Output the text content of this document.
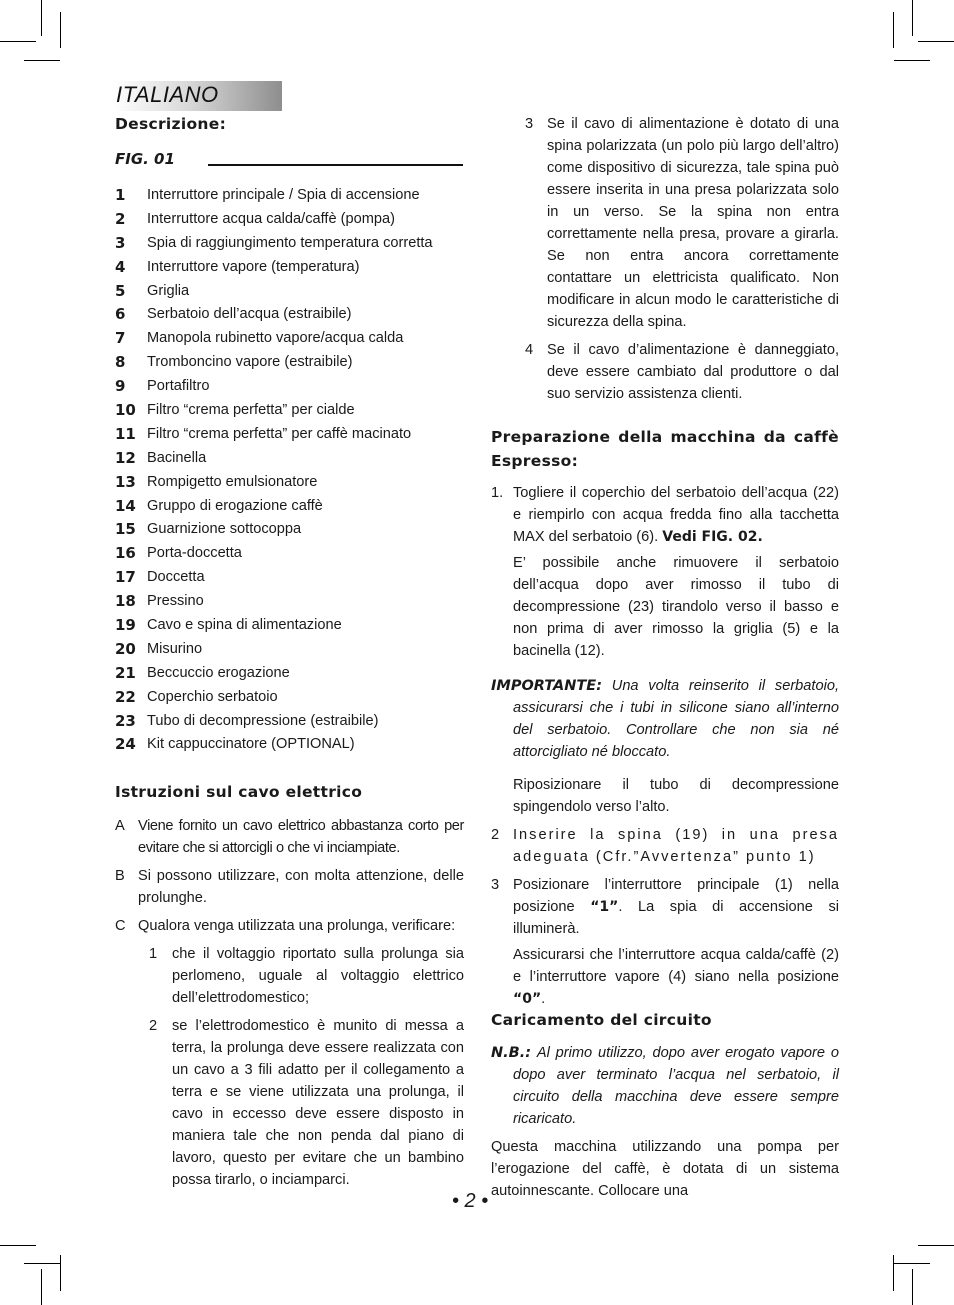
ITALIANO
Descrizione:
FIG. 01
1	Interruttore principale / Spia di accensione
2	Interruttore acqua calda/caffè (pompa)
3	Spia di raggiungimento temperatura corretta
4	Interruttore vapore (temperatura)
5	Griglia
6	Serbatoio dell’acqua (estraibile)
7	Manopola rubinetto vapore/acqua calda
8	Tromboncino vapore (estraibile)
9	Portafiltro
10 Filtro “crema perfetta” per cialde
11 Filtro “crema perfetta” per caffè macinato
12 Bacinella
13 Rompigetto emulsionatore
14 Gruppo di erogazione caffè
15 Guarnizione sottocoppa
16 Porta-doccetta
17 Doccetta
18 Pressino
19 Cavo e spina di alimentazione
20 Misurino
21 Beccuccio erogazione
22 Coperchio serbatoio
23 Tubo di decompressione (estraibile)
24 Kit cappuccinatore (OPTIONAL)
Istruzioni sul cavo elettrico
A Viene fornito un cavo elettrico abbastanza corto per evitare che si attorcigli o che vi inciampiate.
B Si possono utilizzare, con molta attenzione, delle prolunghe.
C Qualora venga utilizzata una prolunga, verificare:
1	che il voltaggio riportato sulla prolunga sia perlomeno, uguale al voltaggio elettrico dell’elettrodomestico;
2	se l’elettrodomestico è munito di messa a terra, la prolunga deve essere realizzata con un cavo a 3 fili adatto per il collegamento a terra e se viene utilizzata una prolunga, il cavo in eccesso deve essere disposto in maniera tale che non penda dal piano di lavoro, questo per evitare che un bambino possa tirarlo, o inciamparci.
3 Se il cavo di alimentazione è dotato di una spina polarizzata (un polo più largo dell’altro) come dispositivo di sicurezza, tale spina può essere inserita in una presa polarizzata solo in un verso. Se la spina non entra correttamente nella presa, provare a girarla. Se non entra ancora correttamente contattare un elettricista qualificato. Non modificare in alcun modo le caratteristiche di sicurezza della spina.
4 Se il cavo d’alimentazione è danneggiato, deve essere cambiato dal produttore o dal suo servizio assistenza clienti.
Preparazione della macchina da caffè Espresso:
1. Togliere il coperchio del serbatoio dell’acqua (22) e riempirlo con acqua fredda fino alla tacchetta MAX del serbatoio (6). Vedi FIG. 02.
E’ possibile anche rimuovere il serbatoio dell’acqua dopo aver rimosso il tubo di decompressione (23) tirandolo verso il basso e non prima di aver rimosso la griglia (5) e la bacinella (12).
IMPORTANTE: Una volta reinserito il serbatoio, assicurarsi che i tubi in silicone siano all’interno del serbatoio. Controllare che non sia né attorcigliato né bloccato.
Riposizionare il tubo di decompressione spingendolo verso l’alto.
2 Inserire la spina (19) in una presa adeguata (Cfr.”Avvertenza” punto 1)
3 Posizionare l’interruttore principale (1) nella posizione “1”. La spia di accensione si illuminerà.
Assicurarsi che l’interruttore acqua calda/caffè (2) e l’interruttore vapore (4) siano nella posizione “0”.
Caricamento del circuito
N.B.: Al primo utilizzo, dopo aver erogato vapore o dopo aver terminato l’acqua nel serbatoio, il circuito della macchina deve essere sempre ricaricato.
Questa macchina utilizzando una pompa per l’erogazione del caffè, è dotata di un sistema autoinnescante. Collocare una
• 2 •
